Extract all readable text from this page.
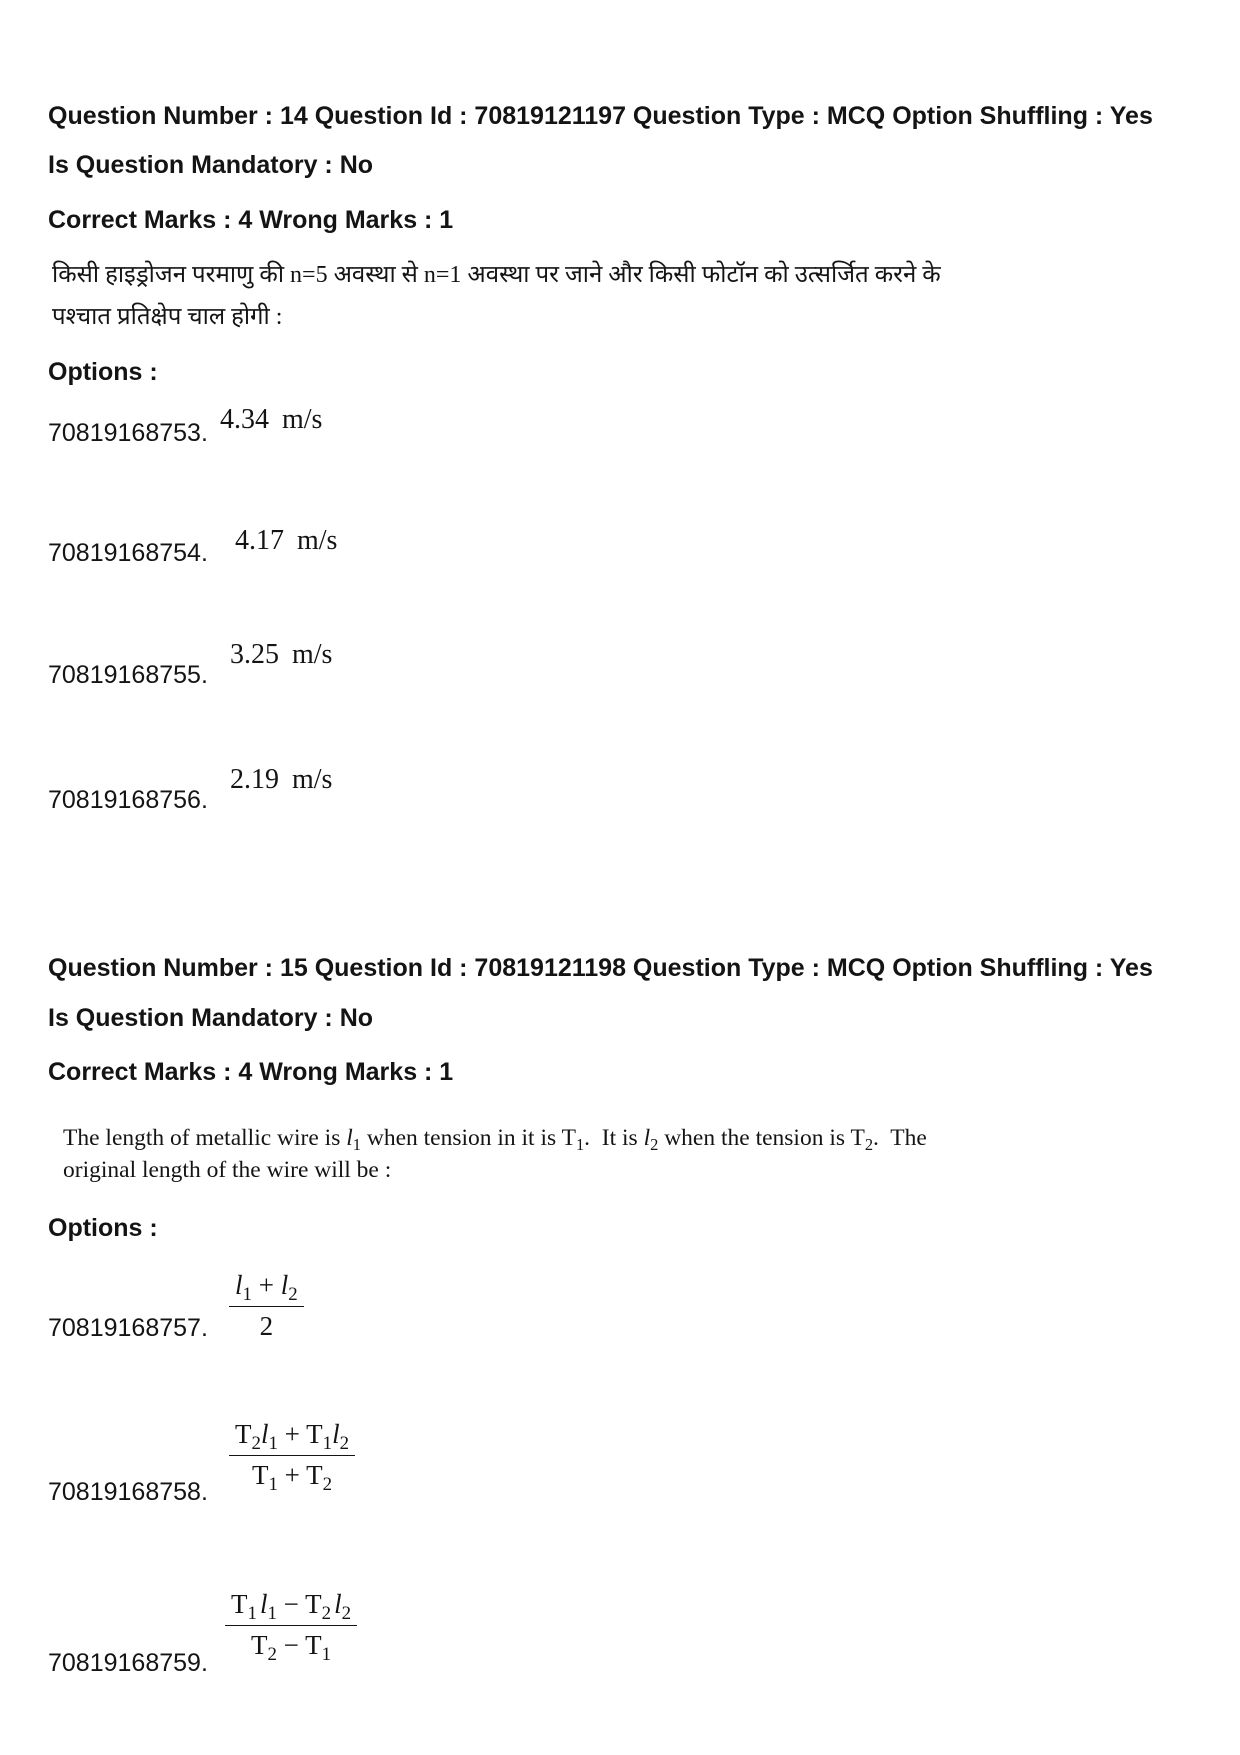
Question Number : 14 Question Id : 70819121197 Question Type : MCQ Option Shuffling : Yes
Is Question Mandatory : No
Correct Marks : 4 Wrong Marks : 1
किसी हाइड्रोजन परमाणु की n=5 अवस्था से n=1 अवस्था पर जाने और किसी फोटॉन को उत्सर्जित करने के
पश्चात प्रतिक्षेप चाल होगी :
Options :
70819168753. 4.34 m/s
70819168754. 4.17 m/s
70819168755.
3.25 m/s
70819168756.
2.19 m/s
Question Number : 15 Question Id : 70819121198 Question Type : MCQ Option Shuffling : Yes
Is Question Mandatory : No
Correct Marks : 4 Wrong Marks : 1
The length of metallic wire is $l_1$ when tension in it is $T_1$.  It is $l_2$ when the tension is $T_2$.  The
original length of the wire will be :
Options :
70819168757.
$l_1 + l_2$
2
70819168758.
$T_2l_1 + T_1l_2$
$T_1 + T_2$
70819168759.
$T_1$ $l_1 - T_2$ $l_2$
$T_2 - T_1$
